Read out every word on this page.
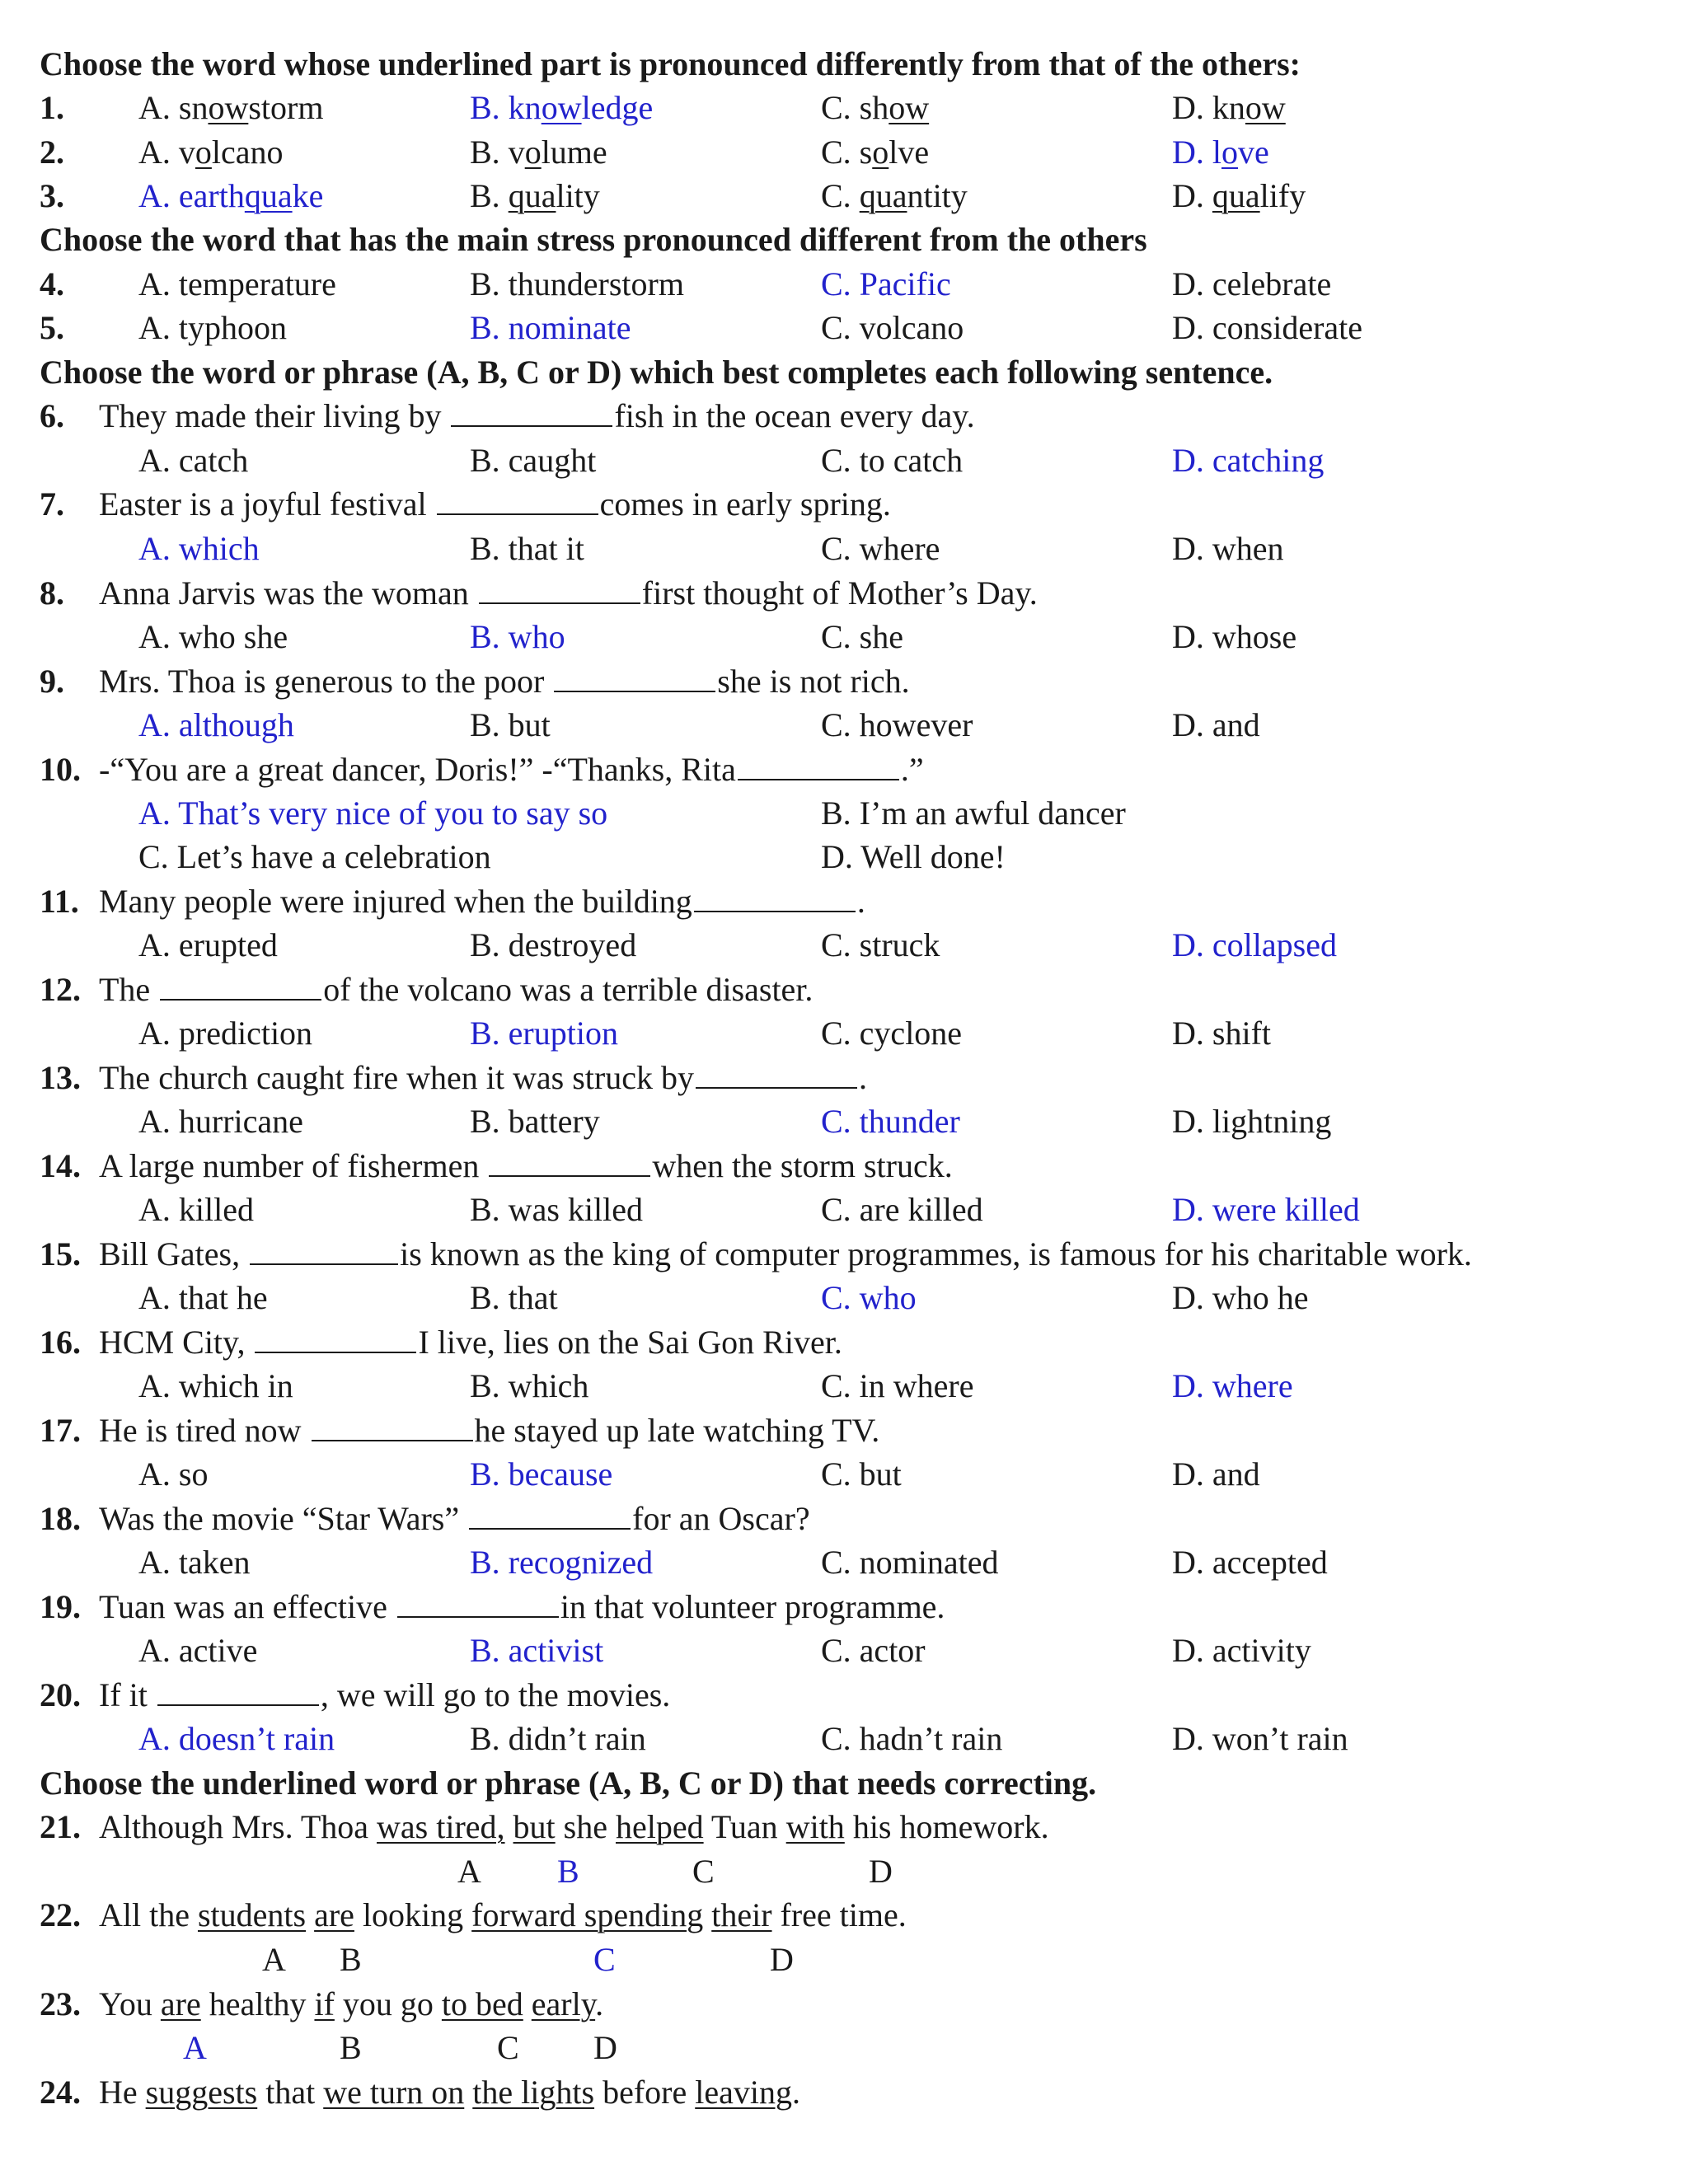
Choose the word whose underlined part is pronounced differently from that of the others:
1. A. snowstorm	B. knowledge	C. show	D. know
2. A. volcano	B. volume	C. solve	D. love
3. A. earthquake	B. quality	C. quantity	D. qualify
Choose the word that has the main stress pronounced different from the others
4. A. temperature	B. thunderstorm	C. Pacific	D. celebrate
5. A. typhoon	B. nominate	C. volcano	D. considerate
Choose the word or phrase (A, B, C or D) which best completes each following sentence.
6. They made their living by	fish in the ocean every day.
A. catch	B. caught	C. to catch	D. catching
7. Easter is a joyful festival	comes in early spring.
A. which	B. that it	C. where	D. when
8. Anna Jarvis was the woman	first thought of Mother’s Day.
A. who she	B. who	C. she	D. whose
9. Mrs. Thoa is generous to the poor	she is not rich.
A. although	B. but	C. however	D. and
10. -“You are a great dancer, Doris!” -“Thanks, Rita	.”
A. That’s very nice of you to say so	B. I’m an awful dancer
C. Let’s have a celebration	D. Well done!
11. Many people were injured when the building	.
A. erupted	B. destroyed	C. struck	D. collapsed
12. The	of the volcano was a terrible disaster.
A. prediction	B. eruption	C. cyclone	D. shift
13. The church caught fire when it was struck by	.
A. hurricane	B. battery	C. thunder	D. lightning
14. A large number of fishermen	when the storm struck.
A. killed	B. was killed	C. are killed	D. were killed
15. Bill Gates,	is known as the king of computer programmes, is famous for his charitable work.
A. that he	B. that	C. who	D. who he
16. HCM City,	I live, lies on the Sai Gon River.
A. which in	B. which	C. in where	D. where
17. He is tired now	he stayed up late watching TV.
A. so	B. because	C. but	D. and
18. Was the movie “Star Wars”	for an Oscar?
A. taken	B. recognized	C. nominated	D. accepted
19. Tuan was an effective	in that volunteer programme.
A. active	B. activist	C. actor	D. activity
20. If it	, we will go to the movies.
A. doesn’t rain	B. didn’t rain	C. hadn’t rain	D. won’t rain
Choose the underlined word or phrase (A, B, C or D) that needs correcting.
21. Although Mrs. Thoa was tired, but she helped Tuan with his homework.
A B	C	D
22. All the students are looking forward spending their free time.
A B	C	D
23. You are healthy if you go to bed early.
A	B	C D
24. He suggests that we turn on the lights before leaving.
